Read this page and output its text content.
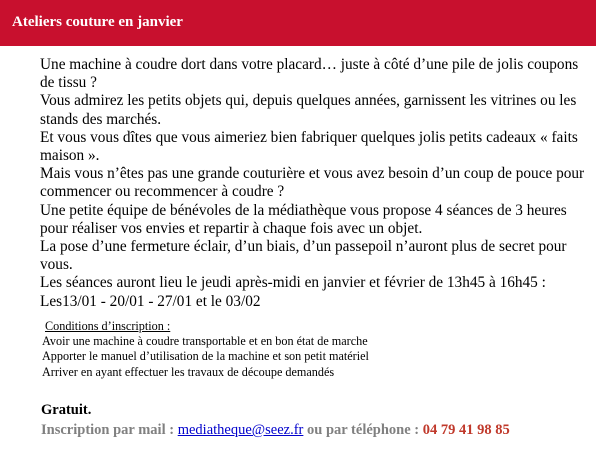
Ateliers couture en janvier

Une machine à coudre dort dans votre placard… juste à côté d’une pile de jolis coupons de tissu ?

Vous admirez les petits objets qui, depuis quelques années, garnissent les vitrines ou les stands des marchés.

Et vous vous dîtes que vous aimeriez bien fabriquer quelques jolis petits cadeaux « faits maison ».

Mais vous n’êtes pas une grande couturière et vous avez besoin d’un coup de pouce pour commencer ou recommencer à coudre ?

Une petite équipe de bénévoles de la médiathèque vous propose 4 séances de 3 heures pour réaliser vos envies et repartir à chaque fois avec un objet.

La pose d’une fermeture éclair, d’un biais, d’un passepoil n’auront plus de secret pour vous.

Les séances auront lieu le jeudi après-midi en janvier et février de 13h45 à 16h45 : Les13/01 - 20/01 - 27/01 et le 03/02

Conditions d’inscription :

Avoir une machine à coudre transportable et en bon état de marche

Apporter le manuel d’utilisation de la machine et son petit matériel

Arriver en ayant effectuer les travaux de découpe demandés

Gratuit.
Inscription par mail : mediatheque@seez.fr ou par téléphone : 04 79 41 98 85
